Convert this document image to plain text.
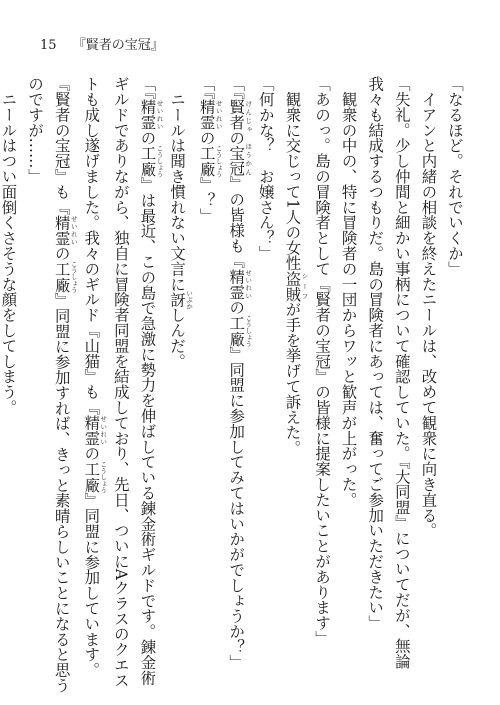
15 『賢者の宝冠』
「なるほど。それでいくか」
　イアンと内緒の相談を終えたニールは、改めて観衆に向き直る。
「失礼。少し仲間と細かい事柄について確認していた。『大同盟』についてだが、無論
我々も結成するつもりだ。島の冒険者にあっては、奮ってご参加いただきたい」
　観衆の中の、特に冒険者の一団からワッと歓声が上がった。
「あのっ。島の冒険者として『賢者の宝冠』の皆様に提案したいことがあります」
　観衆に交じって1人の女性盗賊 シーフが手を挙げて訴えた。
「何かな？　お嬢さん？」
「『賢者の宝冠 けんじゃ　ほうかん』の皆様も『精霊 せいれいの工廠 こうしょう』同盟に参加してみてはいかがでしょうか？」
「『精霊 せいれいの工廠 こうしょう』？」
　ニールは聞き慣れない文言に訝 いぶかしんだ。
「『精霊 せいれいの工廠 こうしょう』は最近、この島で急激に勢力を伸ばしている錬金術ギルドです。錬金術
ギルドでありながら、独自に冒険者同盟を結成しており、先日、ついにAクラスのクエス
トも成し遂げました。我々のギルド『山猫』も『精霊 せいれいの工廠 こうしょう』同盟に参加しています。
『賢者の宝冠』も『精霊 せいれいの工廠 こうしょう』同盟に参加すれば、きっと素晴らしいことになると思う
のですが……」
　ニールはつい面倒くさそうな顔をしてしまう。
